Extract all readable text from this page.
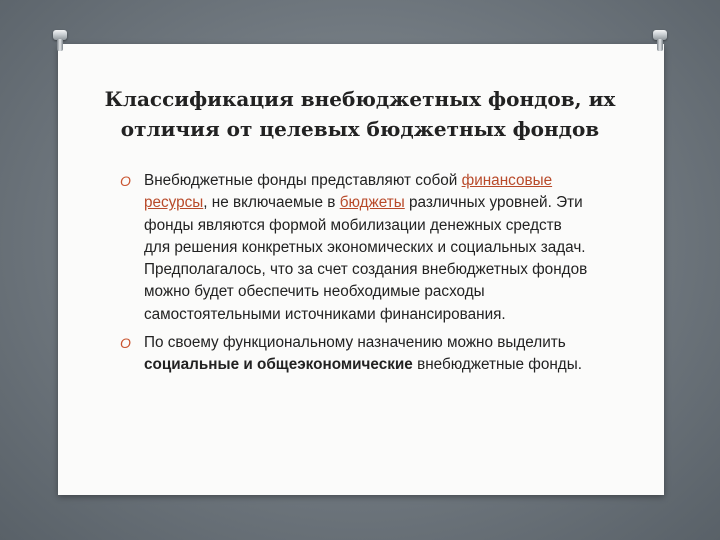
Классификация внебюджетных фондов, их
отличия от целевых бюджетных фондов

O Внебюджетные фонды представляют собой финансовые ресурсы, не включаемые в бюджеты различных уровней. Эти фонды являются формой мобилизации денежных средств для решения конкретных экономических и социальных задач. Предполагалось, что за счет создания внебюджетных фондов можно будет обеспечить необходимые расходы самостоятельными источниками финансирования.

O По своему функциональному назначению можно выделить социальные и общеэкономические внебюджетные фонды.
